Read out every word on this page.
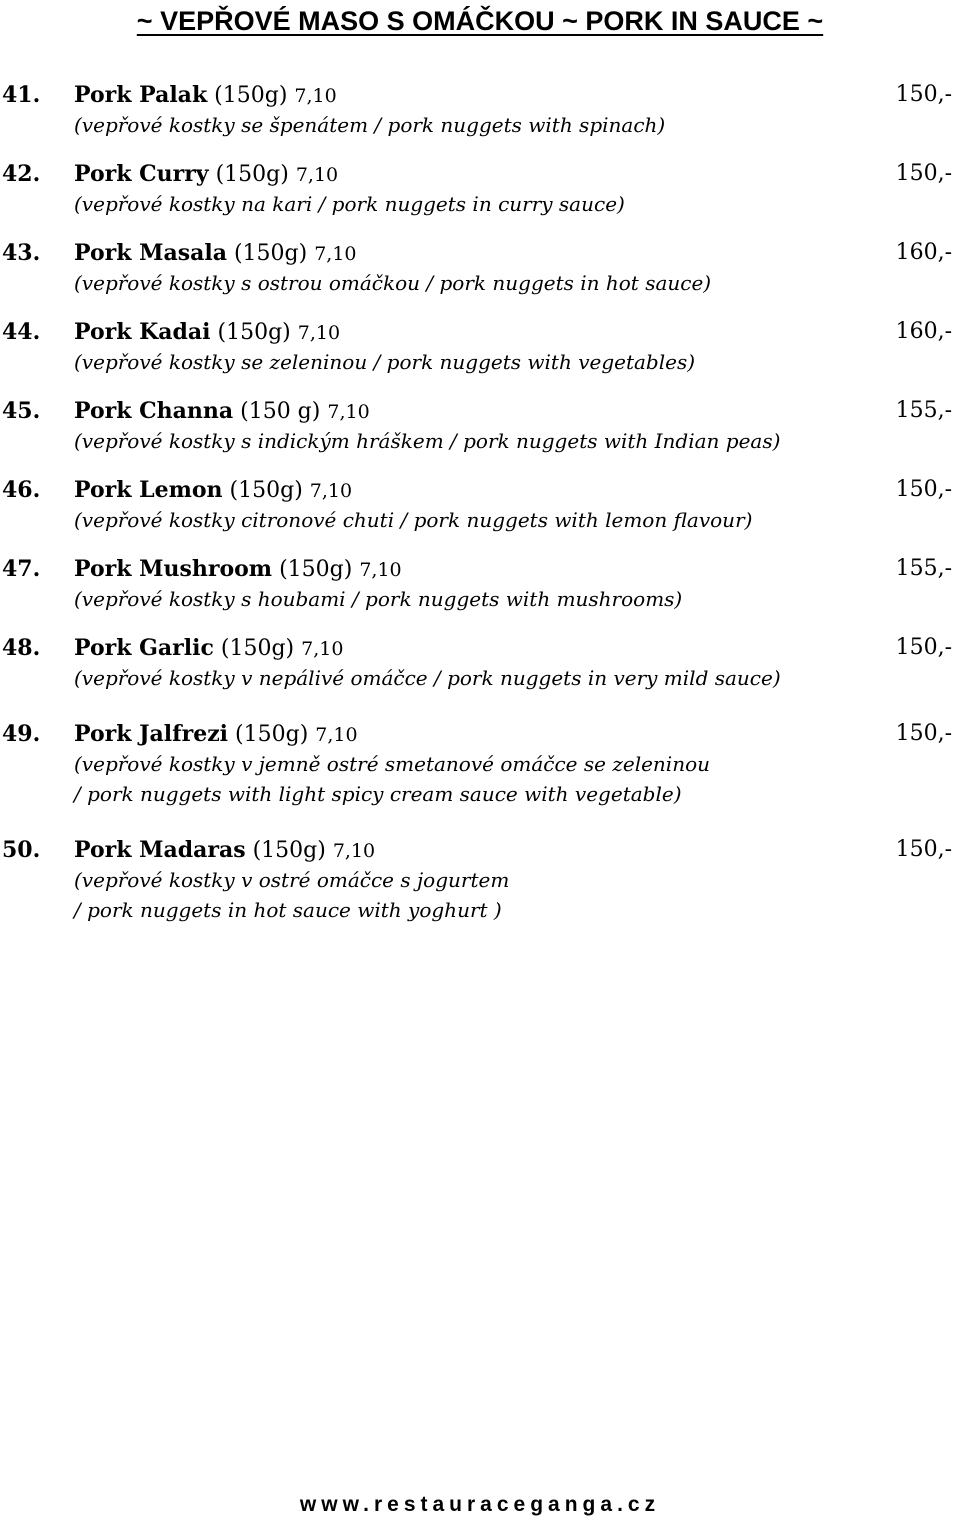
~ VEPŘOVÉ MASO S OMÁČKOU ~ PORK IN SAUCE ~
41. Pork Palak (150g) 7,10	150,-
(vepřové kostky se špenátem / pork nuggets with spinach)
42. Pork Curry (150g) 7,10	150,-
(vepřové kostky na kari / pork nuggets in curry sauce)
43. Pork Masala (150g) 7,10	160,-
(vepřové kostky s ostrou omáčkou / pork nuggets in hot sauce)
44. Pork Kadai (150g) 7,10	160,-
(vepřové kostky se zeleninou / pork nuggets with vegetables)
45. Pork Channa (150 g) 7,10	155,-
(vepřové kostky s indickým hráškem / pork nuggets with Indian peas)
46. Pork Lemon (150g) 7,10	150,-
(vepřové kostky citronové chuti / pork nuggets with lemon flavour)
47. Pork Mushroom (150g) 7,10	155,-
(vepřové kostky s houbami / pork nuggets with mushrooms)
48. Pork Garlic (150g) 7,10	150,-
(vepřové kostky v nepálivé omáčce / pork nuggets in very mild sauce)
49. Pork Jalfrezi (150g) 7,10	150,-
(vepřové kostky v jemně ostré smetanové omáčce se zeleninou
/ pork nuggets with light spicy cream sauce with vegetable)
50. Pork Madaras (150g) 7,10	150,-
(vepřové kostky v ostré omáčce s jogurtem
/ pork nuggets in hot sauce with yoghurt )
www.restauraceganga.cz
